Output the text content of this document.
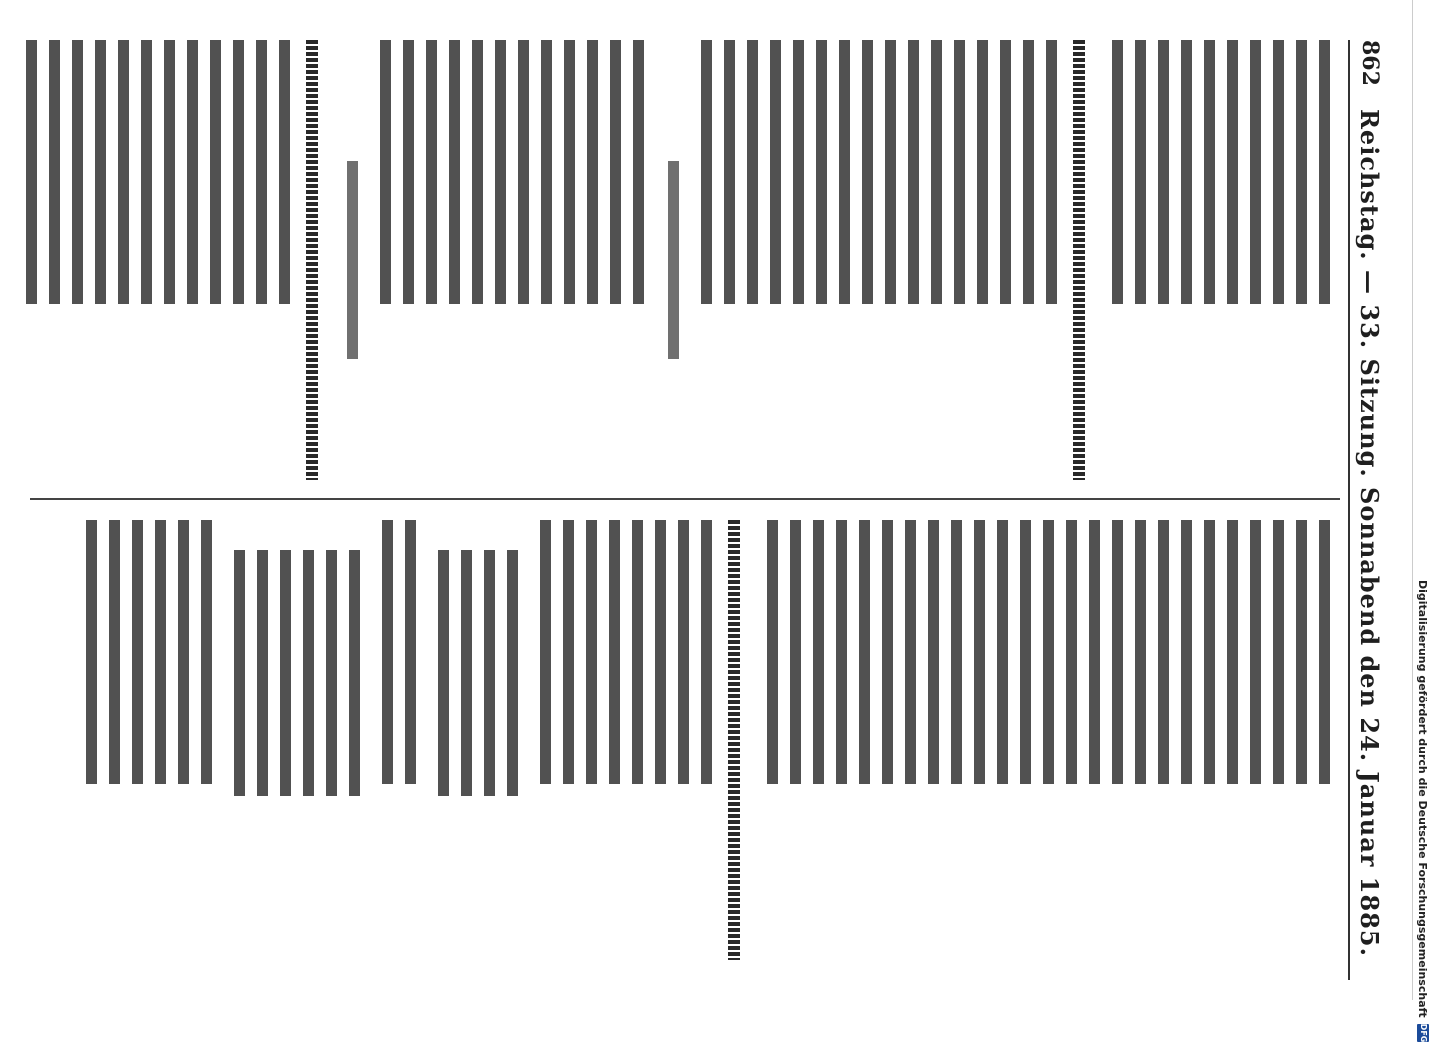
862
Reichstag. — 33. Sitzung. Sonnabend den 24. Januar 1885.	Digitalisierung gefördert durch die Deutsche Forschungsgemeinschaft
DFG
